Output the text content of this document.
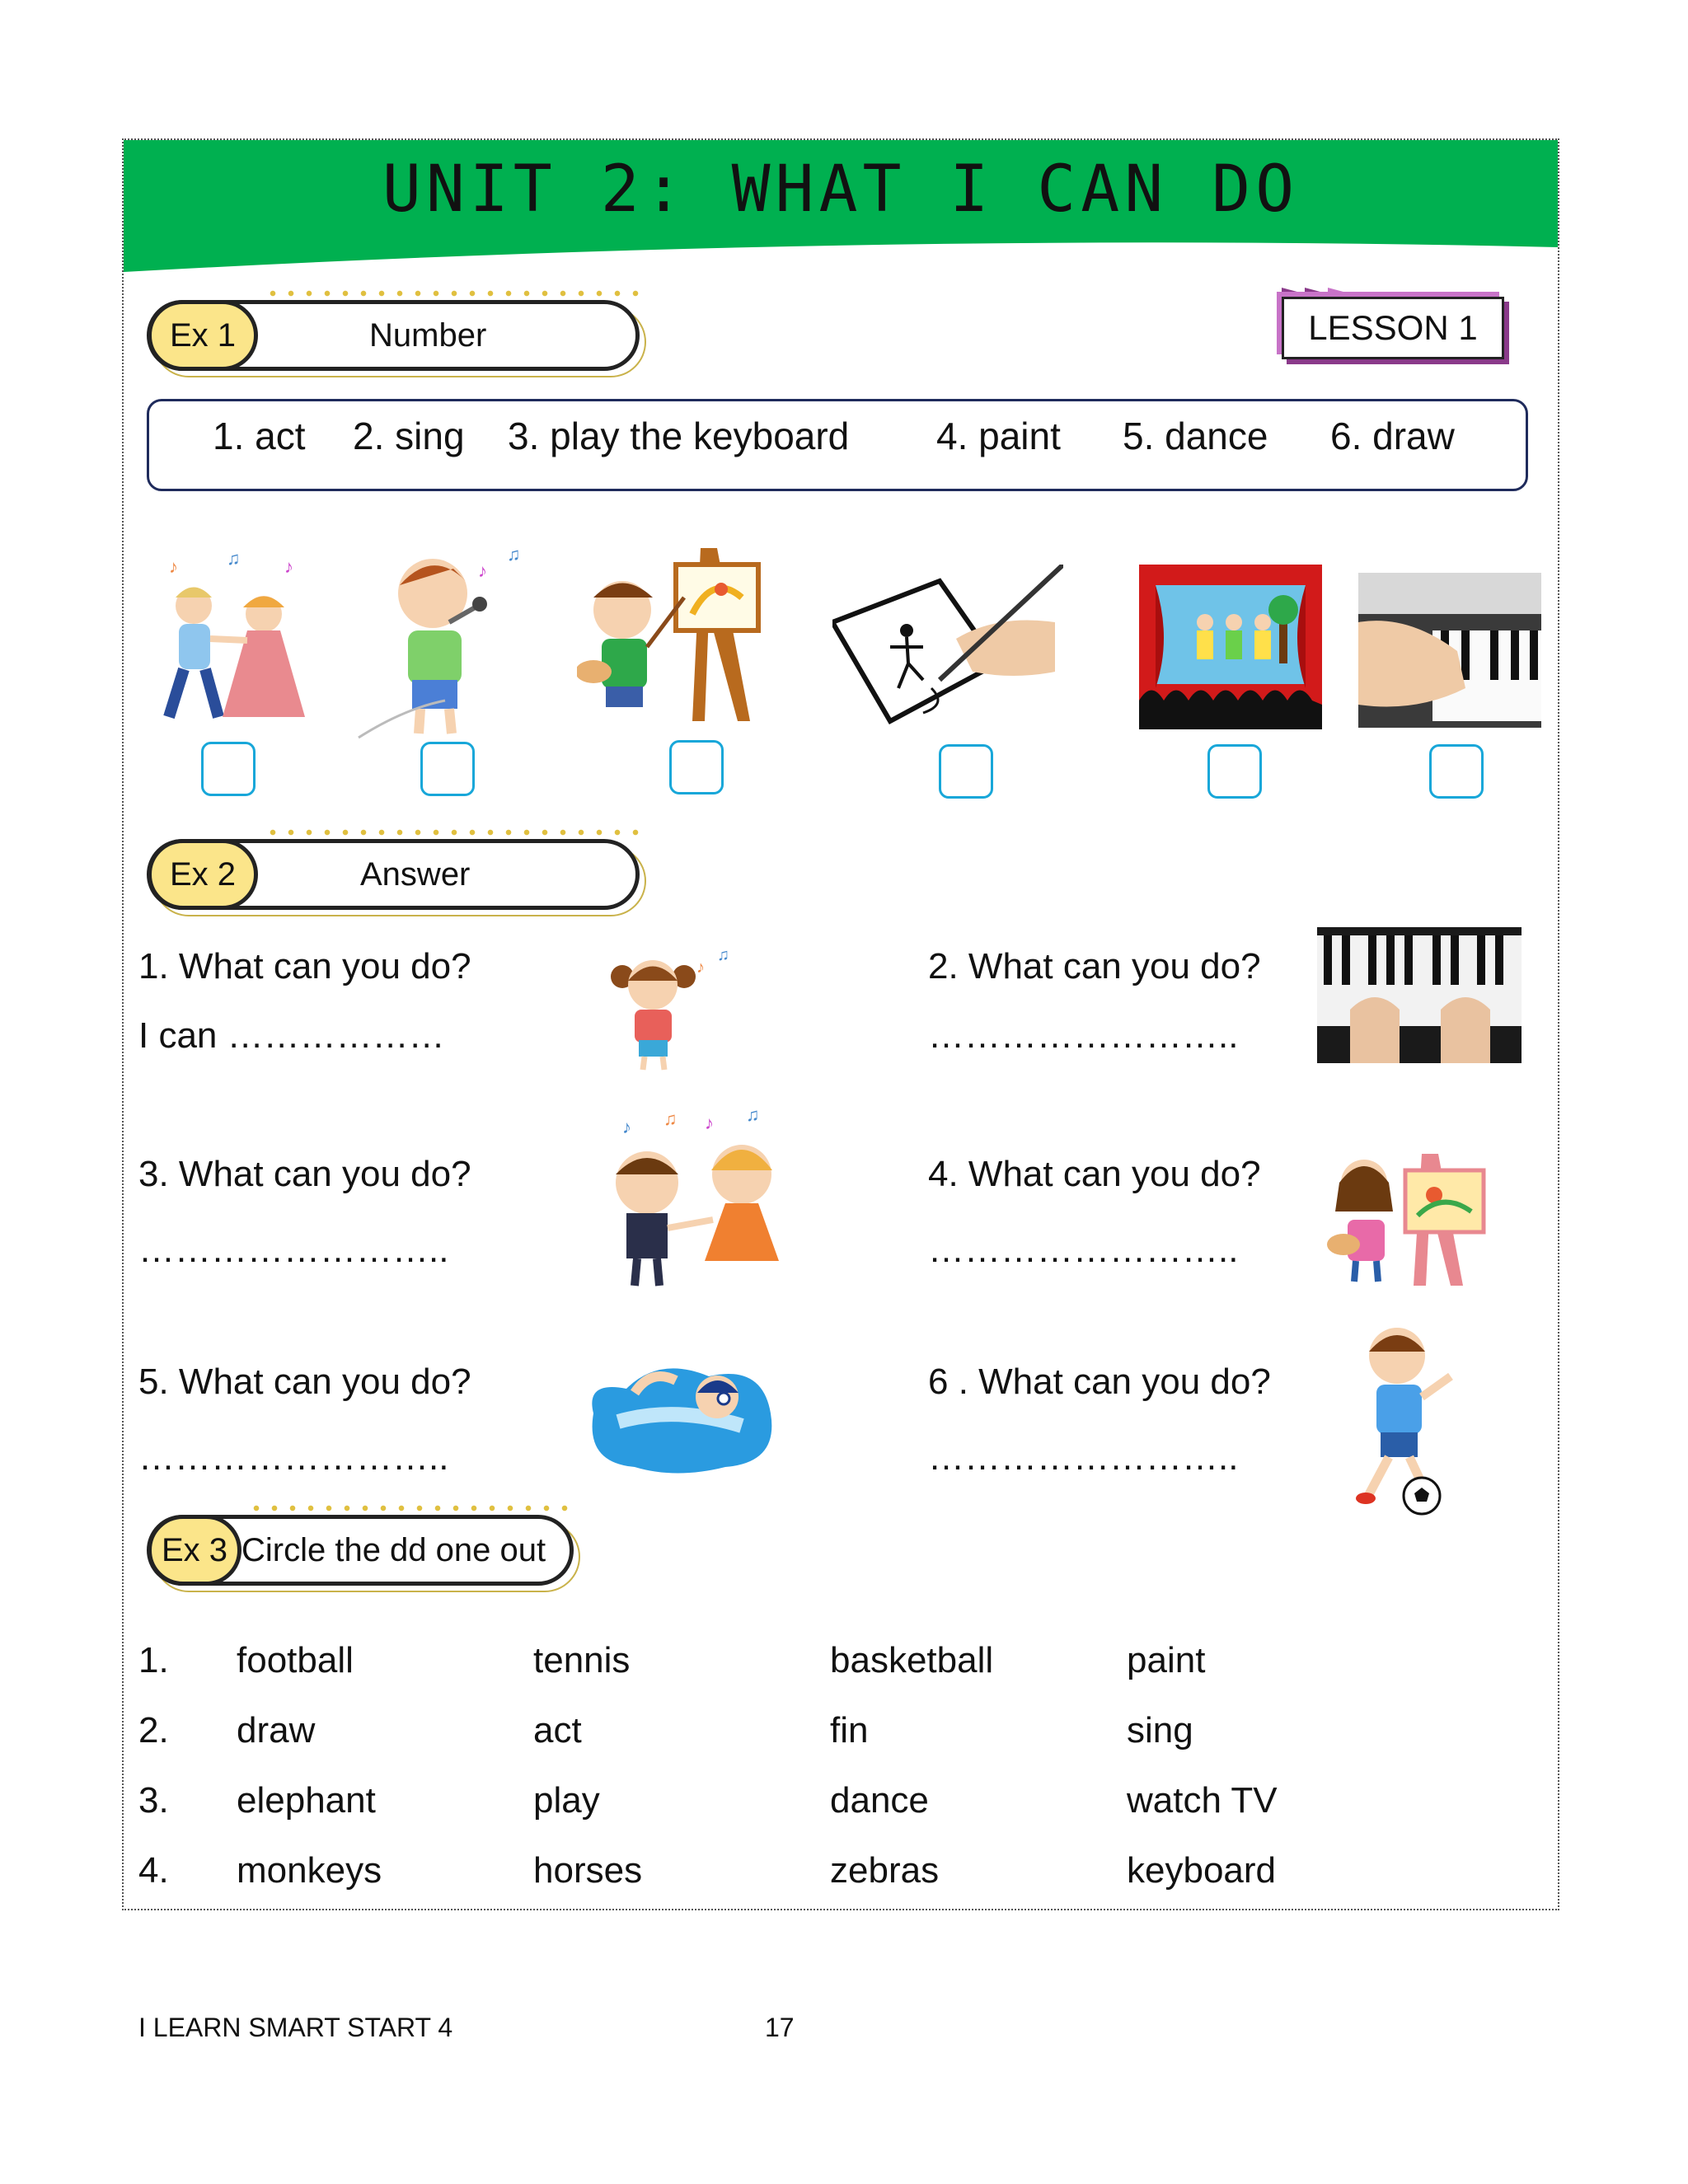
UNIT 2: WHAT I CAN DO
Ex 1	Number	LESSON 1
1. act 2. sing 3. play the keyboard 4. paint 5. dance 6. draw
♪	♫ ♪	♪
♫
Ex 2	Answer
1. What can you do?
I can ………………
2. What can you do?
……………………..
3. What can you do?
……………………..
4. What can you do?
……………………..
5. What can you do?
……………………..
6 . What can you do?
……………………..
♪
♫
♪ ♫ ♪ ♫
Ex 3 Circle the dd one out
1. football	tennis	basketball	paint
2. draw	act	fin	sing
3. elephant	play	dance	watch TV
4. monkeys	horses	zebras	keyboard
I LEARN SMART START 4	17
